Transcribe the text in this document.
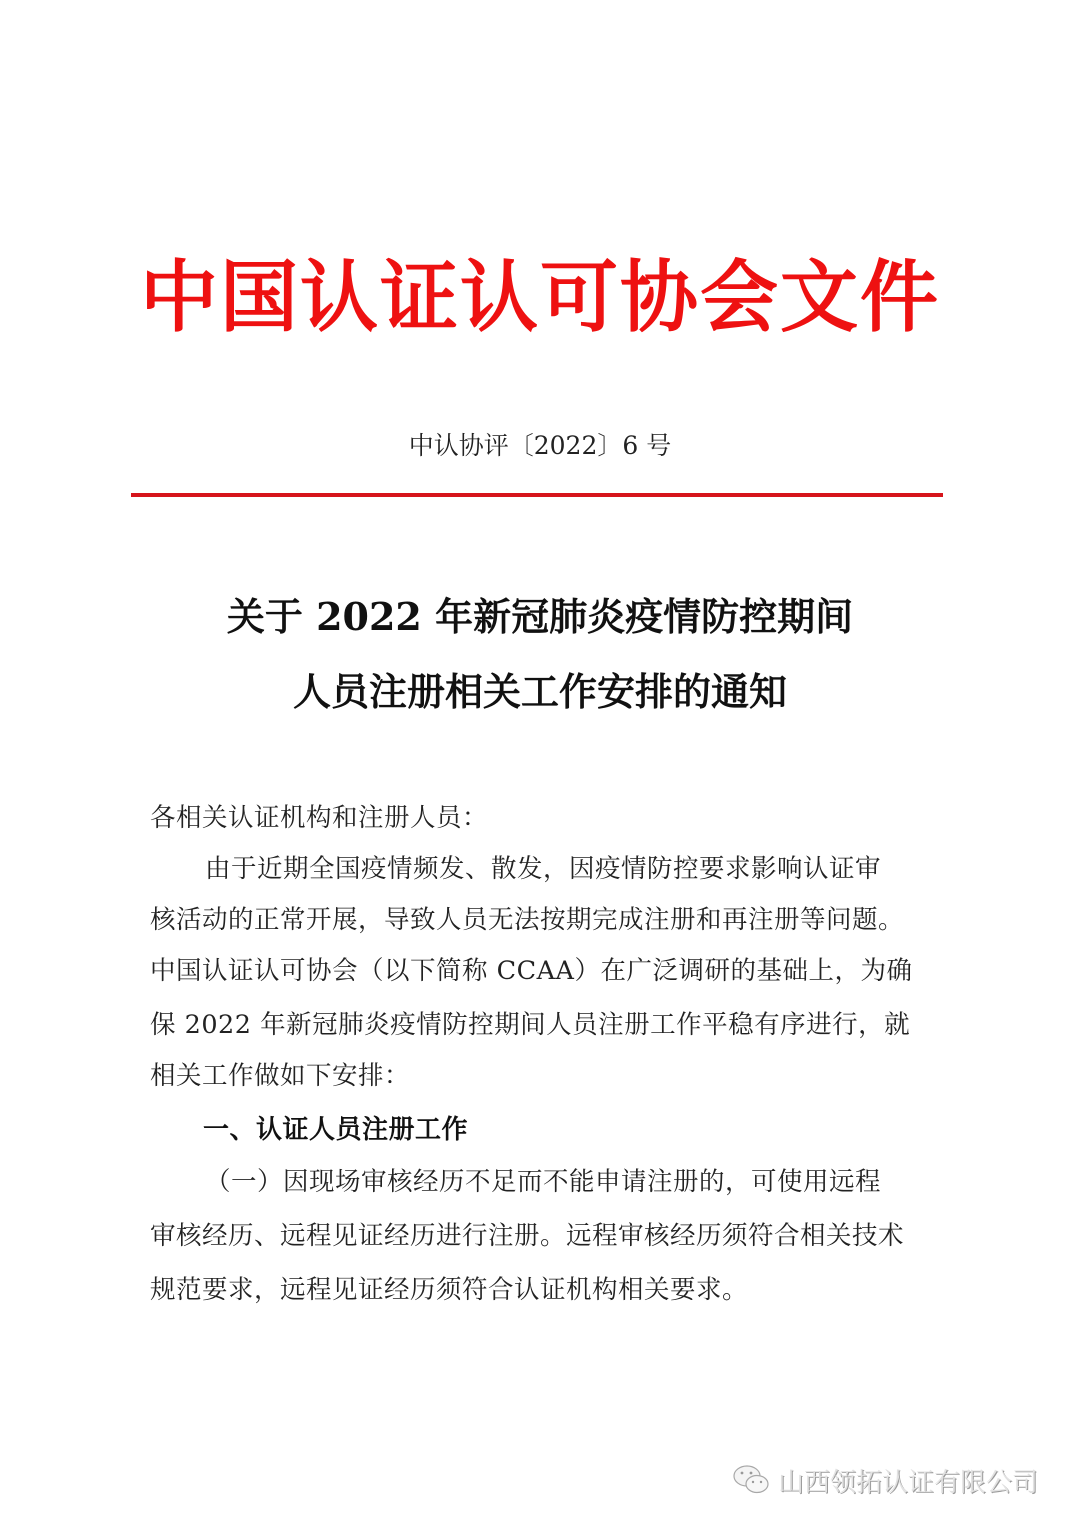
中国认证认可协会文件
中认协评〔2022〕6 号
关于 2022 年新冠肺炎疫情防控期间
人员注册相关工作安排的通知
各相关认证机构和注册人员：
由于近期全国疫情频发、散发，因疫情防控要求影响认证审
核活动的正常开展，导致人员无法按期完成注册和再注册等问题。
中国认证认可协会（以下简称 CCAA）在广泛调研的基础上，为确
保 2022 年新冠肺炎疫情防控期间人员注册工作平稳有序进行，就
相关工作做如下安排：
一、认证人员注册工作
（一）因现场审核经历不足而不能申请注册的，可使用远程
审核经历、远程见证经历进行注册。远程审核经历须符合相关技术
规范要求，远程见证经历须符合认证机构相关要求。
山西领拓认证有限公司
